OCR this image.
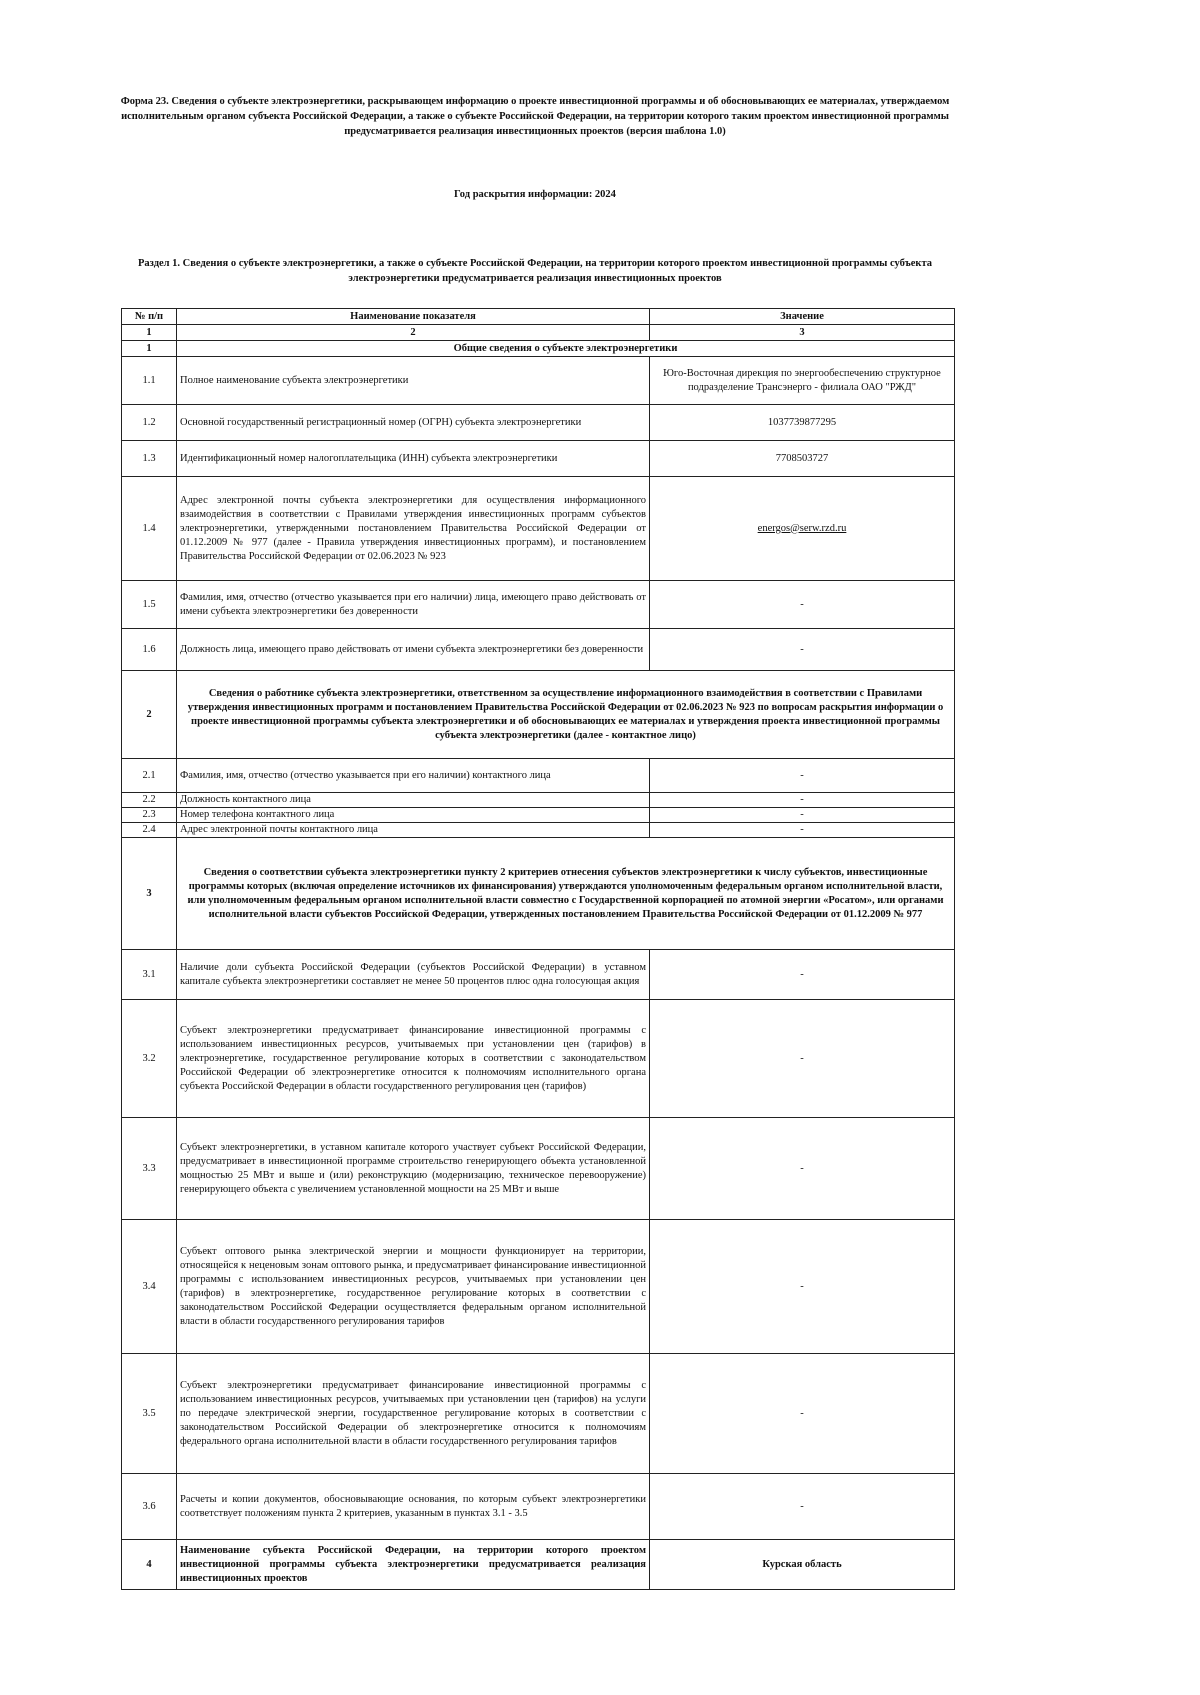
Форма 23. Сведения о субъекте электроэнергетики, раскрывающем информацию о проекте инвестиционной программы и об обосновывающих ее материалах, утверждаемом исполнительным органом субъекта Российской Федерации, а также о субъекте Российской Федерации, на территории которого таким проектом инвестиционной программы предусматривается реализация инвестиционных проектов (версия шаблона 1.0)
Год раскрытия информации: 2024
Раздел 1. Сведения о субъекте электроэнергетики, а также о субъекте Российской Федерации, на территории которого проектом инвестиционной программы субъекта электроэнергетики предусматривается реализация инвестиционных проектов
№ п/п	Наименование показателя	Значение
1	2	3
1	Общие сведения о субъекте электроэнергетики	
1.1	Полное наименование субъекта электроэнергетики	Юго-Восточная дирекция по энергообеспечению структурное подразделение Трансэнерго - филиала ОАО "РЖД"
1.2	Основной государственный регистрационный номер (ОГРН) субъекта электроэнергетики	1037739877295
1.3	Идентификационный номер налогоплательщика (ИНН) субъекта электроэнергетики	7708503727
1.4	Адрес электронной почты субъекта электроэнергетики для осуществления информационного взаимодействия в соответствии с Правилами утверждения инвестиционных программ субъектов электроэнергетики, утвержденными постановлением Правительства Российской Федерации от 01.12.2009 № 977 (далее - Правила утверждения инвестиционных программ), и постановлением Правительства Российской Федерации от 02.06.2023 № 923	energos@serw.rzd.ru
1.5	Фамилия, имя, отчество (отчество указывается при его наличии) лица, имеющего право действовать от имени субъекта электроэнергетики без доверенности	-
1.6	Должность лица, имеющего право действовать от имени субъекта электроэнергетики без доверенности	-
2	Сведения о работнике субъекта электроэнергетики, ответственном за осуществление информационного взаимодействия в соответствии с Правилами утверждения инвестиционных программ и постановлением Правительства Российской Федерации от 02.06.2023 № 923 по вопросам раскрытия информации о проекте инвестиционной программы субъекта электроэнергетики и об обосновывающих ее материалах и утверждения проекта инвестиционной программы субъекта электроэнергетики (далее - контактное лицо)	
2.1	Фамилия, имя, отчество (отчество указывается при его наличии) контактного лица	-
2.2	Должность контактного лица	-
2.3	Номер телефона контактного лица	-
2.4	Адрес электронной почты контактного лица	-
3	Сведения о соответствии субъекта электроэнергетики пункту 2 критериев отнесения субъектов электроэнергетики к числу субъектов, инвестиционные программы которых (включая определение источников их финансирования) утверждаются уполномоченным федеральным органом исполнительной власти, или уполномоченным федеральным органом исполнительной власти совместно с Государственной корпорацией по атомной энергии «Росатом», или органами исполнительной власти субъектов Российской Федерации, утвержденных постановлением Правительства Российской Федерации от 01.12.2009 № 977	
3.1	Наличие доли субъекта Российской Федерации (субъектов Российской Федерации) в уставном капитале субъекта электроэнергетики составляет не менее 50 процентов плюс одна голосующая акция	-
3.2	Субъект электроэнергетики предусматривает финансирование инвестиционной программы с использованием инвестиционных ресурсов, учитываемых при установлении цен (тарифов) в электроэнергетике, государственное регулирование которых в соответствии с законодательством Российской Федерации об электроэнергетике относится к полномочиям исполнительного органа субъекта Российской Федерации в области государственного регулирования цен (тарифов)	-
3.3	Субъект электроэнергетики, в уставном капитале которого участвует субъект Российской Федерации, предусматривает в инвестиционной программе строительство генерирующего объекта установленной мощностью 25 МВт и выше и (или) реконструкцию (модернизацию, техническое перевооружение) генерирующего объекта с увеличением установленной мощности на 25 МВт и выше	-
3.4	Субъект оптового рынка электрической энергии и мощности функционирует на территории, относящейся к неценовым зонам оптового рынка, и предусматривает финансирование инвестиционной программы с использованием инвестиционных ресурсов, учитываемых при установлении цен (тарифов) в электроэнергетике, государственное регулирование которых в соответствии с законодательством Российской Федерации осуществляется федеральным органом исполнительной власти в области государственного регулирования тарифов	-
3.5	Субъект электроэнергетики предусматривает финансирование инвестиционной программы с использованием инвестиционных ресурсов, учитываемых при установлении цен (тарифов) на услуги по передаче электрической энергии, государственное регулирование которых в соответствии с законодательством Российской Федерации об электроэнергетике относится к полномочиям федерального органа исполнительной власти в области государственного регулирования тарифов	-
3.6	Расчеты и копии документов, обосновывающие основания, по которым субъект электроэнергетики соответствует положениям пункта 2 критериев, указанным в пунктах 3.1 - 3.5	-
4	Наименование субъекта Российской Федерации, на территории которого проектом инвестиционной программы субъекта электроэнергетики предусматривается реализация инвестиционных проектов	Курская область
